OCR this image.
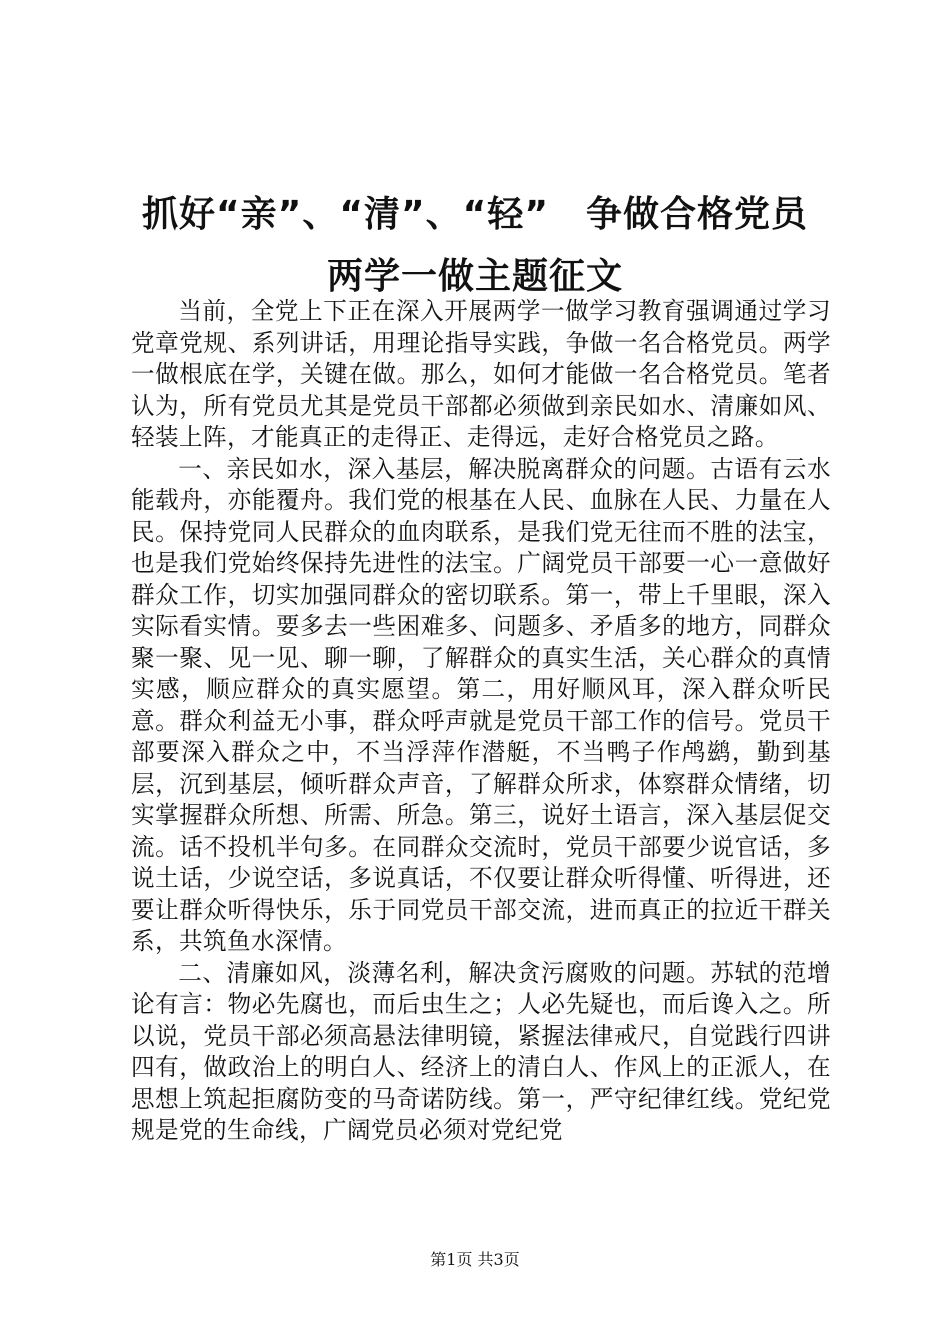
抓好“亲”、“清”、“轻”　争做合格党员
两学一做主题征文

当前，全党上下正在深入开展两学一做学习教育强调通过学习党章党规、系列讲话，用理论指导实践，争做一名合格党员。两学一做根底在学，关键在做。那么，如何才能做一名合格党员。笔者认为，所有党员尤其是党员干部都必须做到亲民如水、清廉如风、轻装上阵，才能真正的走得正、走得远，走好合格党员之路。

一、亲民如水，深入基层，解决脱离群众的问题。古语有云水能载舟，亦能覆舟。我们党的根基在人民、血脉在人民、力量在人民。保持党同人民群众的血肉联系，是我们党无往而不胜的法宝，也是我们党始终保持先进性的法宝。广阔党员干部要一心一意做好群众工作，切实加强同群众的密切联系。第一，带上千里眼，深入实际看实情。要多去一些困难多、问题多、矛盾多的地方，同群众聚一聚、见一见、聊一聊，了解群众的真实生活，关心群众的真情实感，顺应群众的真实愿望。第二，用好顺风耳，深入群众听民意。群众利益无小事，群众呼声就是党员干部工作的信号。党员干部要深入群众之中，不当浮萍作潜艇，不当鸭子作鸬鹚，勤到基层，沉到基层，倾听群众声音，了解群众所求，体察群众情绪，切实掌握群众所想、所需、所急。第三，说好土语言，深入基层促交流。话不投机半句多。在同群众交流时，党员干部要少说官话，多说土话，少说空话，多说真话，不仅要让群众听得懂、听得进，还要让群众听得快乐，乐于同党员干部交流，进而真正的拉近干群关系，共筑鱼水深情。

二、清廉如风，淡薄名利，解决贪污腐败的问题。苏轼的范增论有言：物必先腐也，而后虫生之；人必先疑也，而后谗入之。所以说，党员干部必须高悬法律明镜，紧握法律戒尺，自觉践行四讲四有，做政治上的明白人、经济上的清白人、作风上的正派人，在思想上筑起拒腐防变的马奇诺防线。第一，严守纪律红线。党纪党规是党的生命线，广阔党员必须对党纪党

第1页 共3页
